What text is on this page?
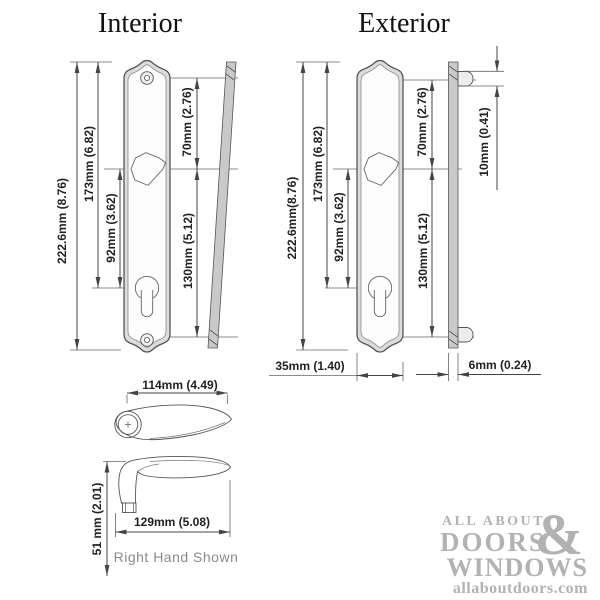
Interior	Exterior
222.6mm (8.76)
173mm (6.82)
92mm (3.62)
70mm (2.76)
130mm (5.12)	222.6mm(8.76)
173mm (6.82)
92mm (3.62)
70mm (2.76)
130mm (5.12)
10mm (0.41)
35mm (1.40)	6mm (0.24)
114mm (4.49)
129mm (5.08)
51 mm (2.01)
Right Hand Shown
ALL ABOUT
DOORS
&
WINDOWS
allaboutdoors.com
